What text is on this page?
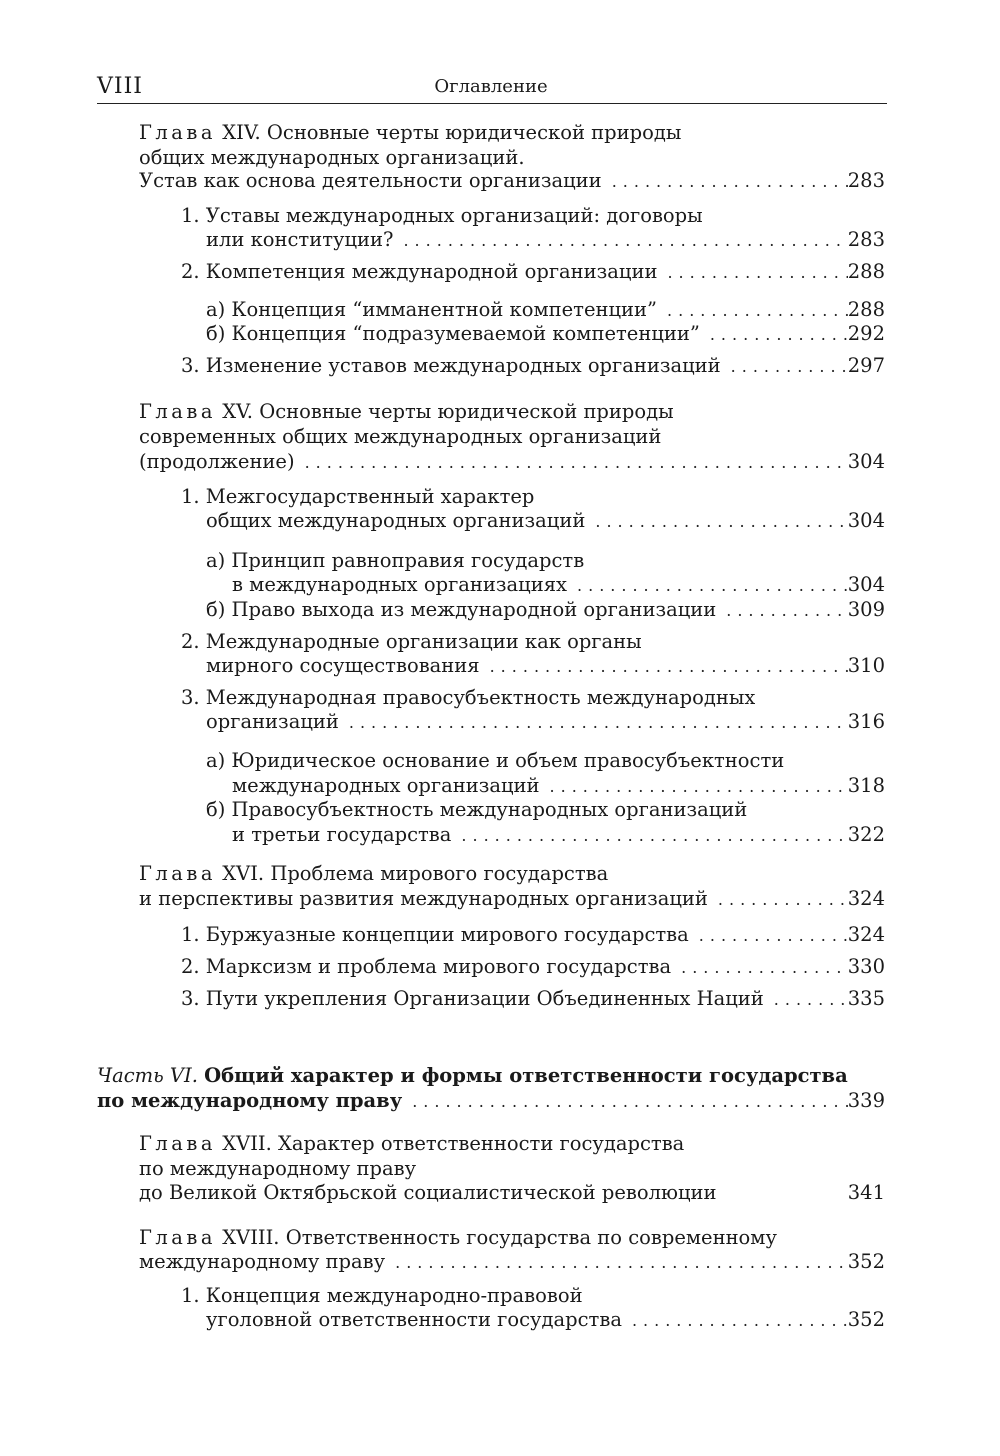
VIII	Оглавление
Глава XIV. Основные черты юридической природы
общих международных организаций.
Устав как основа деятельности организации .....	283
1. Уставы международных организаций: договоры
или конституции? .....	283
2. Компетенция международной организации .....	288
а) Концепция “имманентной компетенции” .....	288
б) Концепция “подразумеваемой компетенции” .....	292
3. Изменение уставов международных организаций .....	297
Глава XV. Основные черты юридической природы
современных общих международных организаций
(продолжение) .....	304
1. Межгосударственный характер
общих международных организаций .....	304
а) Принцип равноправия государств
в международных организациях .....	304
б) Право выхода из международной организации .....	309
2. Международные организации как органы
мирного сосуществования .....	310
3. Международная правосубъектность международных
организаций .....	316
а) Юридическое основание и объем правосубъектности
международных организаций .....	318
б) Правосубъектность международных организаций
и третьи государства .....	322
Глава XVI. Проблема мирового государства
и перспективы развития международных организаций .....	324
1. Буржуазные концепции мирового государства .....	324
2. Марксизм и проблема мирового государства .....	330
3. Пути укрепления Организации Объединенных Наций .....	335
Часть VI. Общий характер и формы ответственности государства
по международному праву .....	339
Глава XVII. Характер ответственности государства
по международному праву
до Великой Октябрьской социалистической революции	341
Глава XVIII. Ответственность государства по современному
международному праву .....	352
1. Концепция международно-правовой
уголовной ответственности государства .....	352
